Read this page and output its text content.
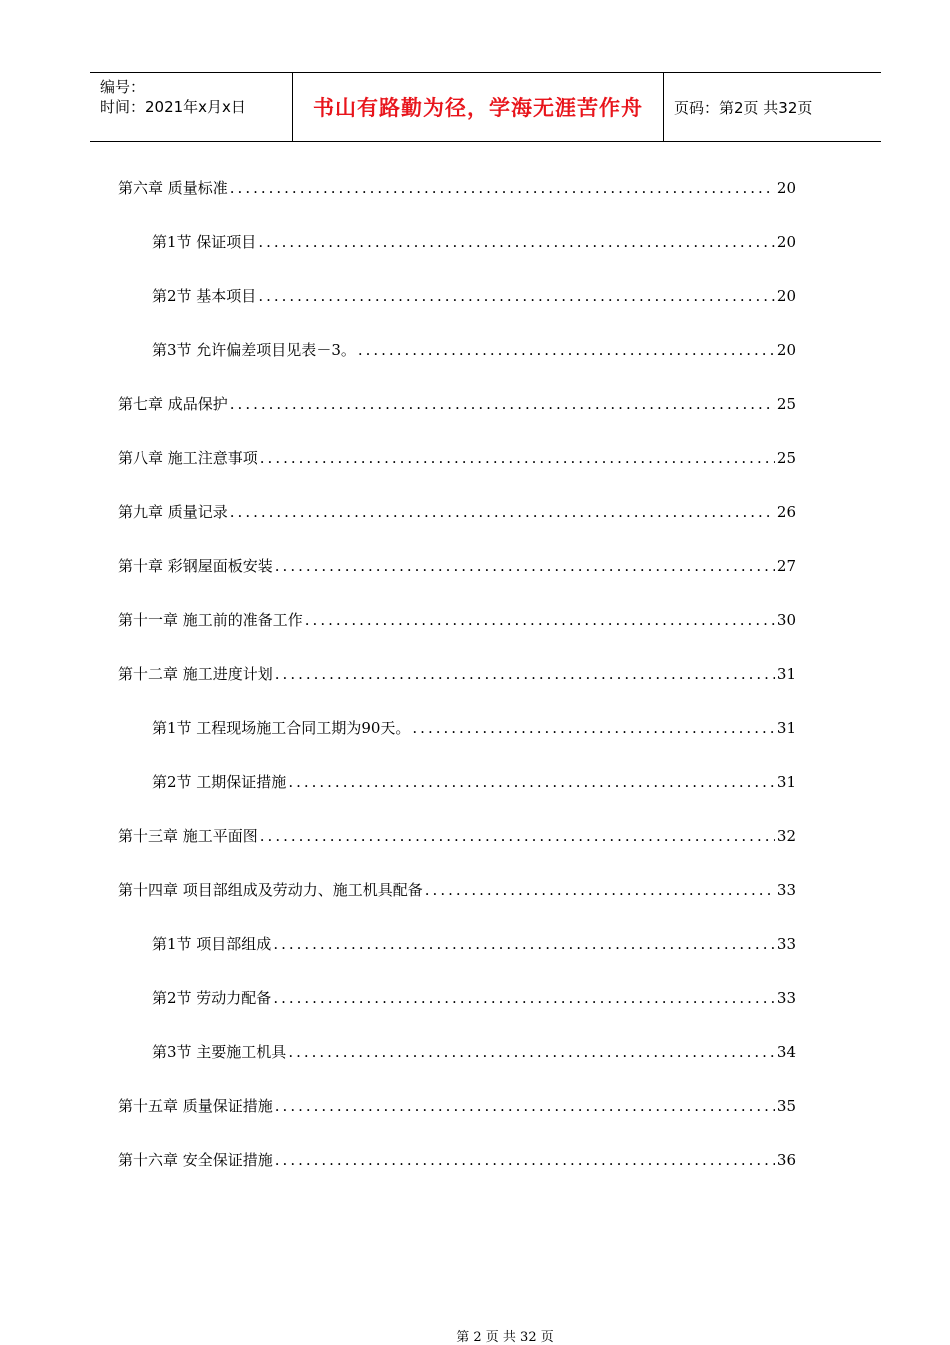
编号：
时间：2021年x月x日	书山有路勤为径，学海无涯苦作舟	页码：第2页 共32页
第六章 质量标准 .....	20
第1节 保证项目 .....	20
第2节 基本项目 .....	20
第3节 允许偏差项目见表－3。 .....	20
第七章 成品保护 .....	25
第八章 施工注意事项 .....	25
第九章 质量记录 .....	26
第十章 彩钢屋面板安装 .....	27
第十一章 施工前的准备工作 .....	30
第十二章 施工进度计划 .....	31
第1节 工程现场施工合同工期为90天。 .....	31
第2节 工期保证措施 .....	31
第十三章 施工平面图 .....	32
第十四章 项目部组成及劳动力、施工机具配备 .....	33
第1节 项目部组成 .....	33
第2节 劳动力配备 .....	33
第3节 主要施工机具 .....	34
第十五章 质量保证措施 .....	35
第十六章 安全保证措施 .....	36
第 2 页 共 32 页
